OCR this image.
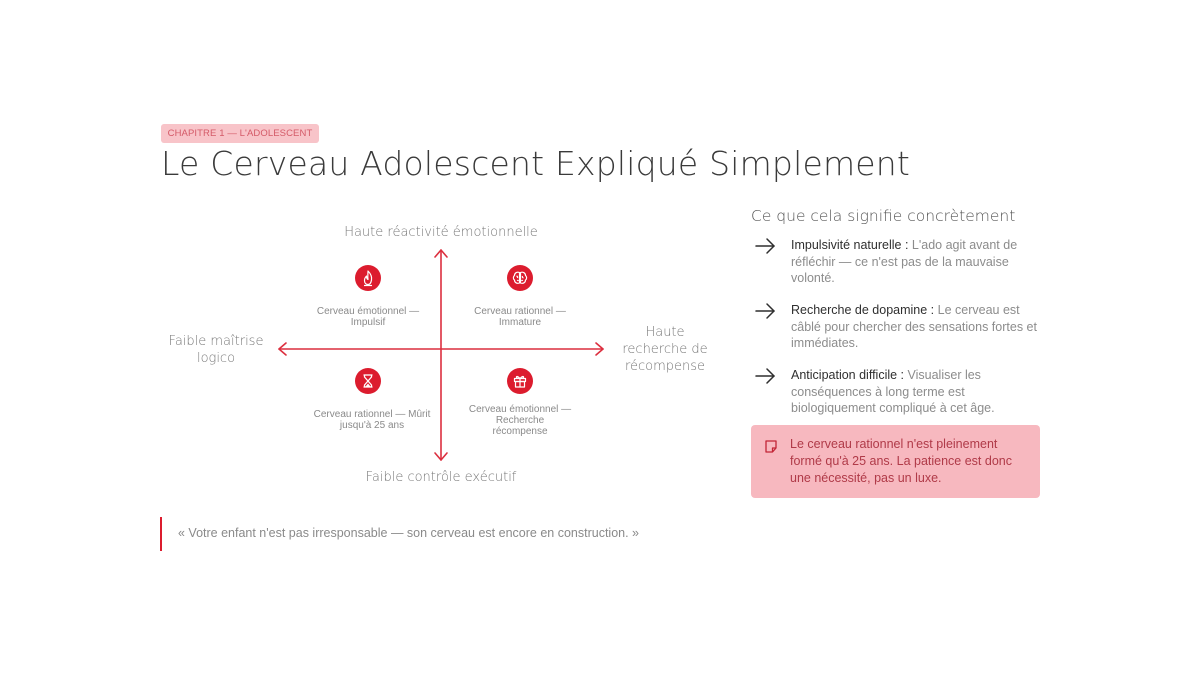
CHAPITRE 1 — L'ADOLESCENT
Le Cerveau Adolescent Expliqué Simplement
Haute réactivité émotionnelle
Faible contrôle exécutif
Faible maîtrise logico
Haute recherche de récompense
Cerveau émotionnel — Impulsif
Cerveau rationnel — Immature
Cerveau rationnel — Mûrit jusqu'à 25 ans
Cerveau émotionnel — Recherche récompense
Ce que cela signifie concrètement
Impulsivité naturelle : L'ado agit avant de réfléchir — ce n'est pas de la mauvaise volonté.
Recherche de dopamine : Le cerveau est câblé pour chercher des sensations fortes et immédiates.
Anticipation difficile : Visualiser les conséquences à long terme est biologiquement compliqué à cet âge.
Le cerveau rationnel n'est pleinement formé qu'à 25 ans. La patience est donc une nécessité, pas un luxe.
« Votre enfant n'est pas irresponsable — son cerveau est encore en construction. »
